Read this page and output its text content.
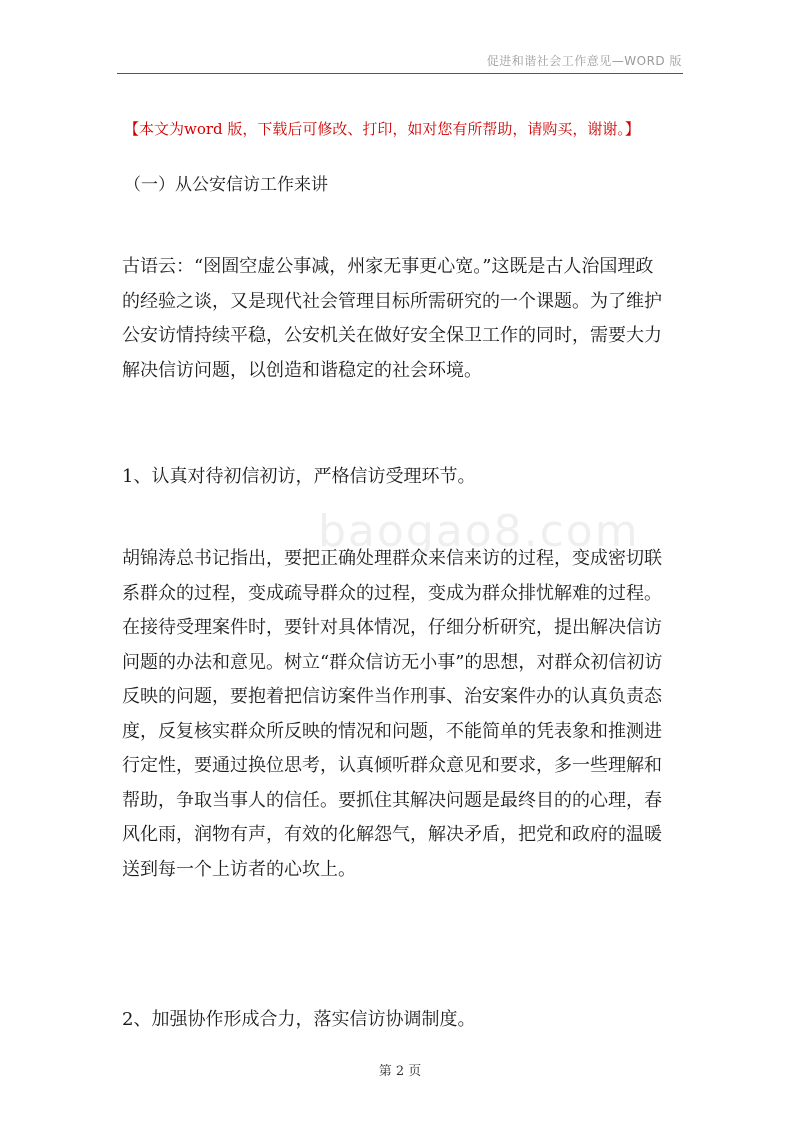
促进和谐社会工作意见—WORD 版
【本文为word 版，下载后可修改、打印，如对您有所帮助，请购买，谢谢。】
（一）从公安信访工作来讲
古语云：“囹圄空虚公事减，州家无事更心宽。”这既是古人治国理政
的经验之谈，又是现代社会管理目标所需研究的一个课题。为了维护
公安访情持续平稳，公安机关在做好安全保卫工作的同时，需要大力
解决信访问题，以创造和谐稳定的社会环境。
1、认真对待初信初访，严格信访受理环节。
baogao8.com
胡锦涛总书记指出，要把正确处理群众来信来访的过程，变成密切联
系群众的过程，变成疏导群众的过程，变成为群众排忧解难的过程。
在接待受理案件时，要针对具体情况，仔细分析研究，提出解决信访
问题的办法和意见。树立“群众信访无小事”的思想，对群众初信初访
反映的问题，要抱着把信访案件当作刑事、治安案件办的认真负责态
度，反复核实群众所反映的情况和问题，不能简单的凭表象和推测进
行定性，要通过换位思考，认真倾听群众意见和要求，多一些理解和
帮助，争取当事人的信任。要抓住其解决问题是最终目的的心理，春
风化雨，润物有声，有效的化解怨气，解决矛盾，把党和政府的温暖
送到每一个上访者的心坎上。
2、加强协作形成合力，落实信访协调制度。
第 2 页
